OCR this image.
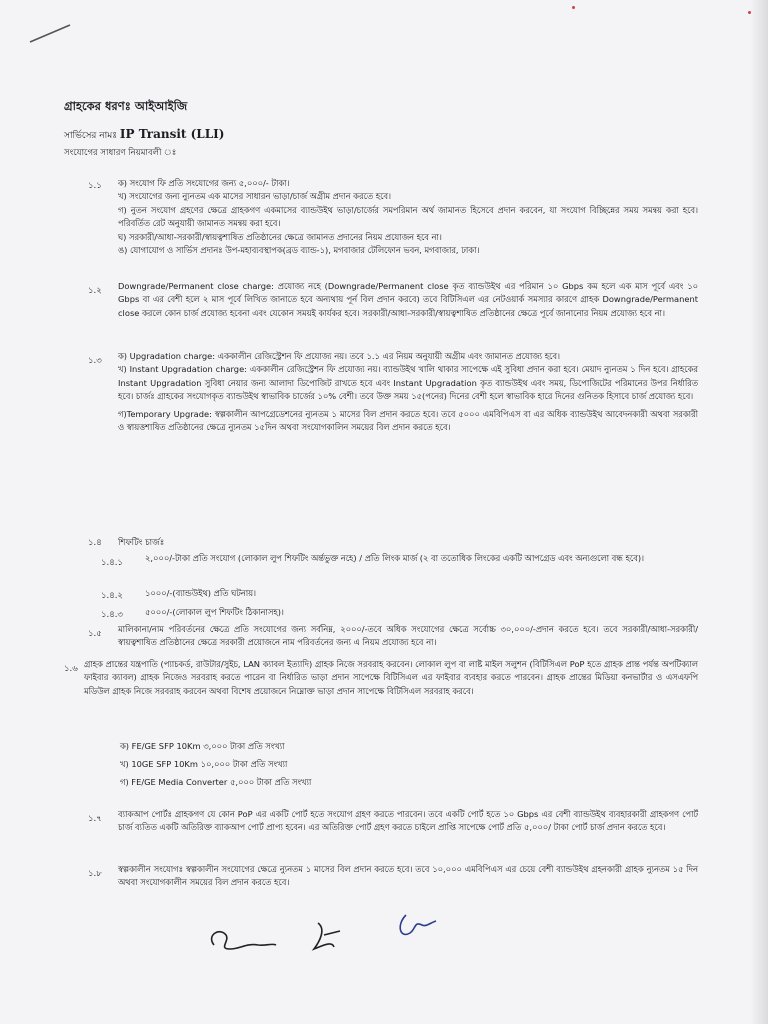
গ্রাহকের ধরণঃ আইআইজি
সার্ভিসের নামঃ IP Transit (LLI)
সংযোগের সাধারণ নিয়মাবলী ঃ
১.১ ক) সংযোগ ফি প্রতি সংযোগের জন্য ৫,০০০/- টাকা।
খ) সংযোগের জন্য ন্যুনতম এক মাসের সাধারন ভাড়া/চার্জ অগ্রীম প্রদান করতে হবে।
গ) নুতন সংযোগ গ্রহণের ক্ষেত্রে গ্রাহকগণ একমাসের ব্যান্ডউইথ ভাড়া/চার্জের সমপরিমান অর্থ জামানত হিসেবে প্রদান করবেন, যা সংযোগ বিচ্ছিন্নের সময় সমন্বয় করা হবে। পরিবর্তিত রেট অনুযায়ী জামানত সমন্বয় করা হবে।
ঘ) সরকারী/আধা-সরকারী/স্বায়ত্বশাষিত প্রতিষ্ঠানের ক্ষেত্রে জামানত প্রদানের নিয়ম প্রযোজন হবে না।
ঙ) যোগাযোগ ও সার্ভিস প্রদানঃ উপ-মহাব্যবস্থাপক(ব্রড ব্যান্ড-১), মগবাজার টেলিফোন ভবন, মগবাজার, ঢাকা।
১.২ Downgrade/Permanent close charge: প্রযোজ্য নহে (Downgrade/Permanent close কৃত ব্যান্ডউইথ এর পরিমান ১০ Gbps কম হলে এক মাস পূর্বে এবং ১০ Gbps বা এর বেশী হলে ২ মাস পূর্বে লিখিত জানাতে হবে অন্যথায় পূর্ন বিল প্রদান করবে) তবে বিটিসিএল এর নেটওয়ার্ক সমস্যার কারণে গ্রাহক Downgrade/Permanent close করলে কোন চার্জ প্রযোজ্য হবেনা এবং যেকোন সময়ই কার্যকর হবে। সরকারী/আধা-সরকারী/স্বায়ত্বশাষিত প্রতিষ্ঠানের ক্ষেত্রে পূর্বে জানানোর নিয়ম প্রযোজ্য হবে না।
১.৩ ক) Upgradation charge: এককালীন রেজিস্ট্রেশন ফি প্রযোজ্য নয়। তবে ১.১ এর নিয়ম অনুযায়ী অগ্রীম এবং জামানত প্রযোজ্য হবে।
খ) Instant Upgradation charge: এককালীন রেজিস্ট্রেশন ফি প্রযোজ্য নয়। ব্যান্ডউইথ খালি থাকার সাপেক্ষে এই সুবিধা প্রদান করা হবে। মেয়াদ ন্যুনতম ১ দিন হবে। গ্রাহকের Instant Upgradation সুবিধা নেয়ার জন্য আলাদা ডিপোজিট রাখতে হবে এবং Instant Upgradation কৃত ব্যান্ডউইথ এবং সময়, ডিপোজিটের পরিমানের উপর নির্ধারিত হবে। চার্জঃ গ্রাহকের সংযোগকৃত ব্যান্ডউইথ স্বাভাবিক চার্জের ১০% বেশী। তবে উক্ত সময় ১৫(পনের) দিনের বেশী হলে স্বাভাবিক হারে দিনের গুনিতক হিসাবে চার্জ প্রযোজ্য হবে।
গ)Temporary Upgrade: স্বল্পকালীন আপগ্রেডেশনের ন্যুনতম ১ মাসের বিল প্রদান করতে হবে। তবে ৫০০০ এমবিপিএস বা এর অধিক ব্যান্ডউইথ আবেদনকারী অথবা সরকারী ও স্বায়ত্তশাষিত প্রতিষ্ঠানের ক্ষেত্রে ন্যুনতম ১৫দিন অথবা সংযোগকালিন সময়ের বিল প্রদান করতে হবে।
১.৪ শিফটিং চার্জঃ
১.৪.১	২,০০০/-টাকা প্রতি সংযোগ (লোকাল লুপ শিফটিং অর্ন্তভুক্ত নহে) / প্রতি লিংক মার্জ (২ বা ততোধিক লিংকের একটি আপগ্রেড এবং অন্যগুলো বন্ধ হবে)।
১.৪.২	১০০০/-(ব্যান্ডউইথ) প্রতি ঘটনায়।
১.৪.৩	৫০০০/-(লোকাল লুপ শিফটিং ঠিকানাসহ)।
১.৫ মালিকানা/নাম পরিবর্তনের ক্ষেত্রে প্রতি সংযোগের জন্য সর্বনিম্ন, ২০০০/-তবে অধিক সংযোগের ক্ষেত্রে সর্বোচ্চ ৩০,০০০/-প্রদান করতে হবে। তবে সরকারী/আধা-সরকারী/স্বায়ত্বশাষিত প্রতিষ্ঠানের ক্ষেত্রে সরকারী প্রয়োজনে নাম পরিবর্তনের জন্য এ নিয়ম প্রযোজ্য হবে না।
১.৬ গ্রাহক প্রান্তের যন্ত্রপাতি (প্যাচকর্ড, রাউটার/সুইচ, LAN ক্যাবল ইত্যাদি) গ্রাহক নিজে সরবরাহ করবেন। লোকাল লুপ বা লাষ্ট মাইল সলুশন (বিটিসিএল PoP হতে গ্রাহক প্রান্ত পর্যন্ত অপটিক্যাল ফাইবার ক্যাবল) গ্রাহক নিজেও সরবরাহ করতে পারেন বা নির্ধারিত ভাড়া প্রদান সাপেক্ষে বিটিসিএল এর ফাইবার ব্যবহার করতে পারবেন। গ্রাহক প্রান্তের মিডিয়া কনভার্টার ও এসএফপি মডিউল গ্রাহক নিজে সরবরাহ করবেন অথবা বিশেষ প্রয়োজনে নিম্নোক্ত ভাড়া প্রদান সাপেক্ষে বিটিসিএল সরবরাহ করবে।
ক) FE/GE SFP 10Km ৩,০০০ টাকা প্রতি সংখ্যা
খ) 10GE SFP 10Km ১০,০০০ টাকা প্রতি সংখ্যা
গ) FE/GE Media Converter ৫,০০০ টাকা প্রতি সংখ্যা
১.৭ ব্যাকআপ পোর্টঃ গ্রাহকগণ যে কোন PoP এর একটি পোর্ট হতে সংযোগ গ্রহণ করতে পারবেন। তবে একটি পোর্ট হতে ১০ Gbps এর বেশী ব্যান্ডউইথ ব্যবহারকারী গ্রাহকগণ পোর্ট চার্জ ব্যতিত একটি অতিরিক্ত ব্যাকআপ পোর্ট প্রাপ্য হবেন। এর অতিরিক্ত পোর্ট গ্রহণ করতে চাইলে প্রাপ্তি সাপেক্ষে পোর্ট প্রতি ৫,০০০/ টাকা পোর্ট চার্জ প্রদান করতে হবে।
১.৮ স্বল্পকালীন সংযোগঃ স্বল্পকালীন সংযোগের ক্ষেত্রে ন্যুনতম ১ মাসের বিল প্রদান করতে হবে। তবে ১০,০০০ এমবিপিএস এর চেয়ে বেশী ব্যান্ডউইথ গ্রহনকারী গ্রাহক ন্যুনতম ১৫ দিন অথবা সংযোগকালীন সময়ের বিল প্রদান করতে হবে।
